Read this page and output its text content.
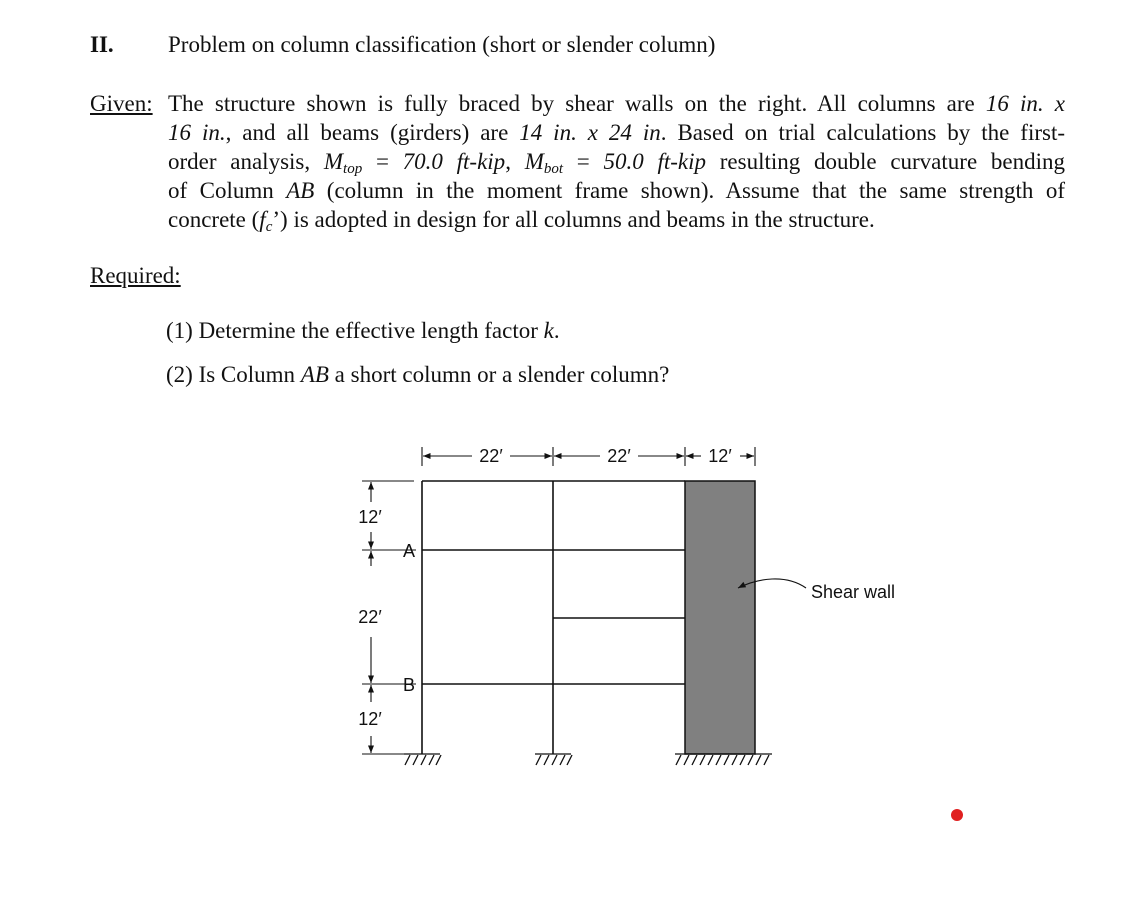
II. Problem on column classification (short or slender column)
Given: The structure shown is fully braced by shear walls on the right. All columns are 16 in. x
16 in., and all beams (girders) are 14 in. x 24 in. Based on trial calculations by the first-
order analysis, $M_{top} = 70.0$ ft-kip, $M_{bot} = 50.0$ ft-kip resulting double curvature bending
of Column AB (column in the moment frame shown). Assume that the same strength of
concrete $(f_c’)$ is adopted in design for all columns and beams in the structure.
Required:
(1) Determine the effective length factor k.
(2) Is Column AB a short column or a slender column?
22′	22′	12′
12′
22′
12′
A
B
Shear wall
